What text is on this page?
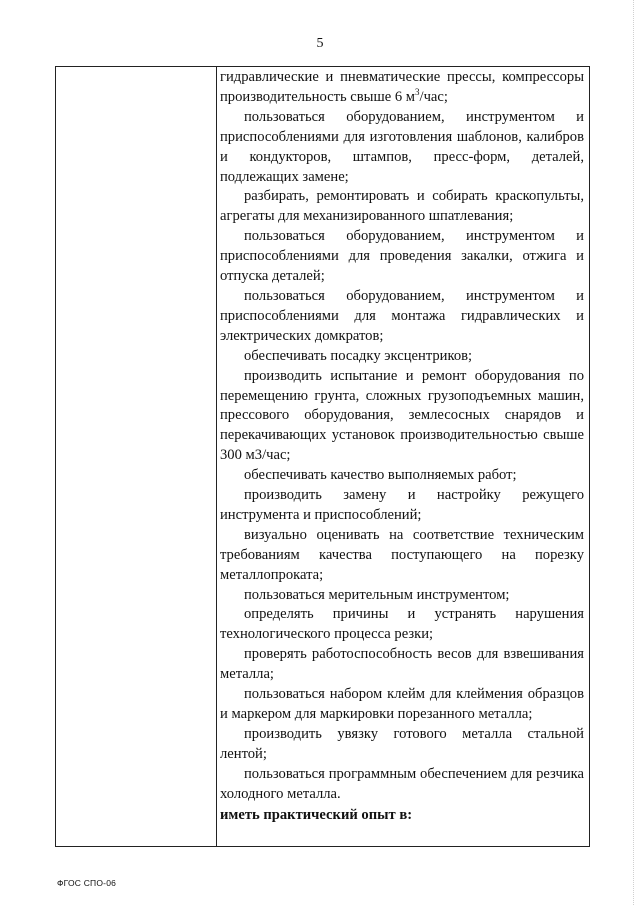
5

гидравлические и пневматические прессы, компрессоры производительность свыше 6 $м^3$/час;

пользоваться оборудованием, инструментом и приспособлениями для изготовления шаблонов, калибров и кондукторов, штампов, пресс-форм, деталей, подлежащих замене;

разбирать, ремонтировать и собирать краскопульты, агрегаты для механизированного шпатлевания;

пользоваться оборудованием, инструментом и приспособлениями для проведения закалки, отжига и отпуска деталей;

пользоваться оборудованием, инструментом и приспособлениями для монтажа гидравлических и электрических домкратов;

обеспечивать посадку эксцентриков;

производить испытание и ремонт оборудования по перемещению грунта, сложных грузоподъемных машин, прессового оборудования, землесосных снарядов и перекачивающих установок производительностью свыше 300 м3/час;

обеспечивать качество выполняемых работ;

производить замену и настройку режущего инструмента и приспособлений;

визуально оценивать на соответствие техническим требованиям качества поступающего на порезку металлопроката;

пользоваться мерительным инструментом;

определять причины и устранять нарушения технологического процесса резки;

проверять работоспособность весов для взвешивания металла;

пользоваться набором клейм для клеймения образцов и маркером для маркировки порезанного металла;

производить увязку готового металла стальной лентой;

пользоваться программным обеспечением для резчика холодного металла.

иметь практический опыт в:

ФГОС СПО-06
